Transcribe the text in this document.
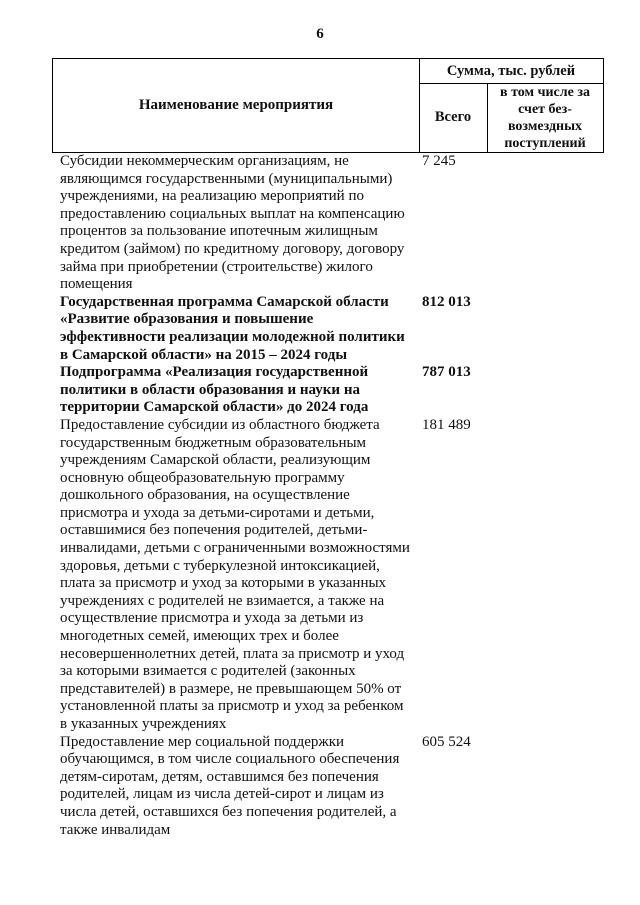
6
Наименование мероприятия
Сумма, тыс. рублей
Всего
в том числе за счет без-возмездных поступлений
Субсидии некоммерческим организациям, не являющимся государственными (муниципальными) учреждениями, на реализацию мероприятий по предоставлению социальных выплат на компенсацию процентов за пользование ипотечным жилищным кредитом (займом) по кредитному договору, договору займа при приобретении (строительстве) жилого помещения
7 245
Государственная программа Самарской области «Развитие образования и повышение эффективности реализации молодежной политики в Самарской области» на 2015 – 2024 годы
812 013
Подпрограмма «Реализация государственной политики в области образования и науки на территории Самарской области» до 2024 года
787 013
Предоставление субсидии из областного бюджета государственным бюджетным образовательным учреждениям Самарской области, реализующим основную общеобразовательную программу дошкольного образования, на осуществление присмотра и ухода за детьми-сиротами и детьми, оставшимися без попечения родителей, детьми-инвалидами, детьми с ограниченными возможностями здоровья, детьми с туберкулезной интоксикацией, плата за присмотр и уход за которыми в указанных учреждениях с родителей не взимается, а также на осуществление присмотра и ухода за детьми из многодетных семей, имеющих трех и более несовершеннолетних детей, плата за присмотр и уход за которыми взимается с родителей (законных представителей) в размере, не превышающем 50% от установленной платы за присмотр и уход за ребенком в указанных учреждениях
181 489
Предоставление мер социальной поддержки обучающимся, в том числе социального обеспечения детям-сиротам, детям, оставшимся без попечения родителей, лицам из числа детей-сирот и лицам из числа детей, оставшихся без попечения родителей, а также инвалидам
605 524
